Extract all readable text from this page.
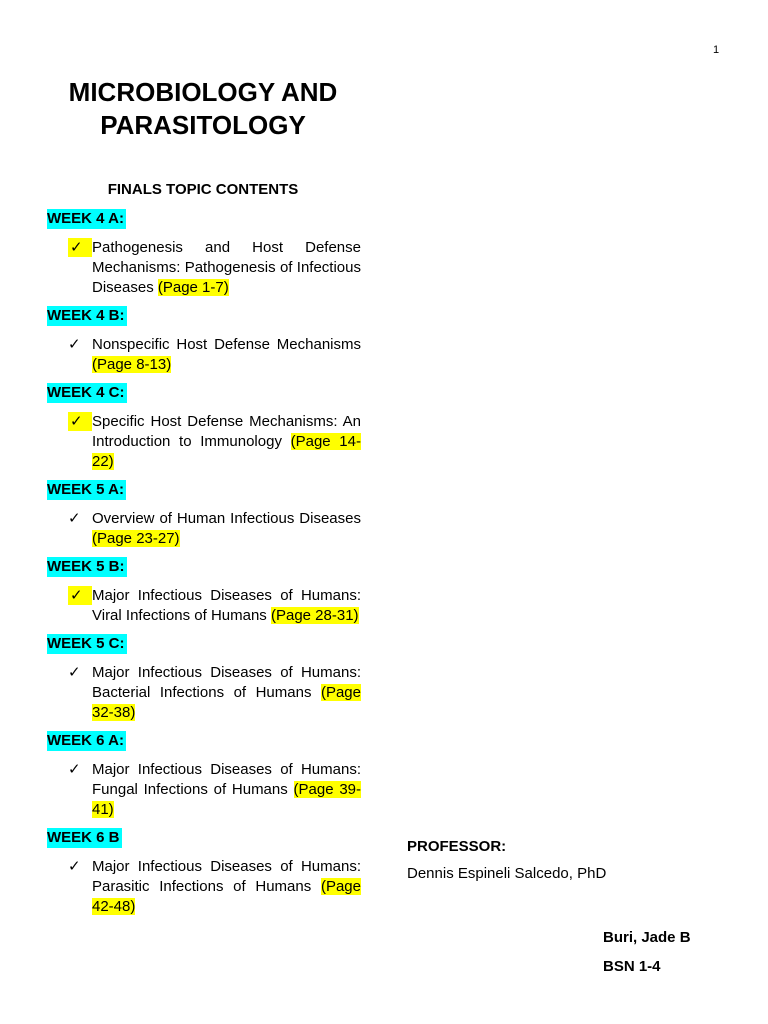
1
MICROBIOLOGY AND
PARASITOLOGY
FINALS TOPIC CONTENTS
WEEK 4 A:
✓ Pathogenesis and Host Defense Mechanisms: Pathogenesis of Infectious Diseases (Page 1-7)
WEEK 4 B:
✓ Nonspecific Host Defense Mechanisms (Page 8-13)
WEEK 4 C:
✓ Specific Host Defense Mechanisms: An Introduction to Immunology (Page 14-22)
WEEK 5 A:
✓ Overview of Human Infectious Diseases (Page 23-27)
WEEK 5 B:
✓ Major Infectious Diseases of Humans: Viral Infections of Humans (Page 28-31)
WEEK 5 C:
✓ Major Infectious Diseases of Humans: Bacterial Infections of Humans (Page 32-38)
WEEK 6 A:
✓ Major Infectious Diseases of Humans: Fungal Infections of Humans (Page 39-41)
WEEK 6 B
✓ Major Infectious Diseases of Humans: Parasitic Infections of Humans (Page 42-48)
PROFESSOR:
Dennis Espineli Salcedo, PhD
Buri, Jade B
BSN 1-4
